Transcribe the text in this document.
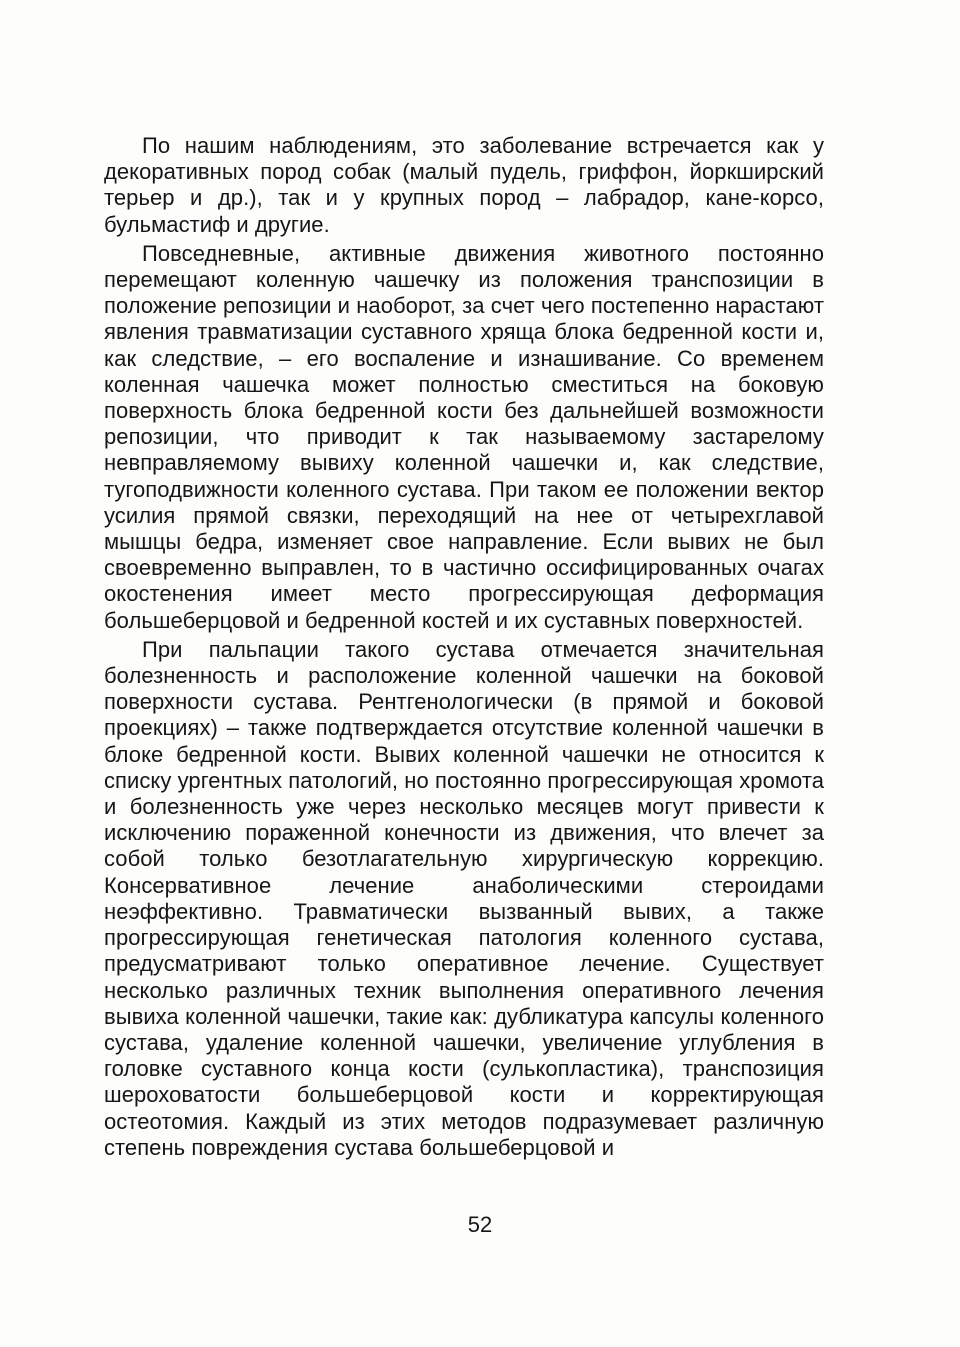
По нашим наблюдениям, это заболевание встречается как у декоративных пород собак (малый пудель, гриффон, йоркширский терьер и др.), так и у крупных пород – лабрадор, кане-корсо, бульмастиф и другие.

Повседневные, активные движения животного постоянно перемещают коленную чашечку из положения транспозиции в положение репозиции и наоборот, за счет чего постепенно нарастают явления травматизации суставного хряща блока бедренной кости и, как следствие, – его воспаление и изнашивание. Со временем коленная чашечка может полностью сместиться на боковую поверхность блока бедренной кости без дальнейшей возможности репозиции, что приводит к так называемому застарелому невправляемому вывиху коленной чашечки и, как следствие, тугоподвижности коленного сустава. При таком ее положении вектор усилия прямой связки, переходящий на нее от четырехглавой мышцы бедра, изменяет свое направление. Если вывих не был своевременно выправлен, то в частично оссифицированных очагах окостенения имеет место прогрессирующая деформация большеберцовой и бедренной костей и их суставных поверхностей.

При пальпации такого сустава отмечается значительная болезненность и расположение коленной чашечки на боковой поверхности сустава. Рентгенологически (в прямой и боковой проекциях) – также подтверждается отсутствие коленной чашечки в блоке бедренной кости. Вывих коленной чашечки не относится к списку ургентных патологий, но постоянно прогрессирующая хромота и болезненность уже через несколько месяцев могут привести к исключению пораженной конечности из движения, что влечет за собой только безотлагательную хирургическую коррекцию. Консервативное лечение анаболическими стероидами неэффективно. Травматически вызванный вывих, а также прогрессирующая генетическая патология коленного сустава, предусматривают только оперативное лечение. Существует несколько различных техник выполнения оперативного лечения вывиха коленной чашечки, такие как: дубликатура капсулы коленного сустава, удаление коленной чашечки, увеличение углубления в головке суставного конца кости (сулькопластика), транспозиция шероховатости большеберцовой кости и корректирующая остеотомия. Каждый из этих методов подразумевает различную степень повреждения сустава большеберцовой и

52
